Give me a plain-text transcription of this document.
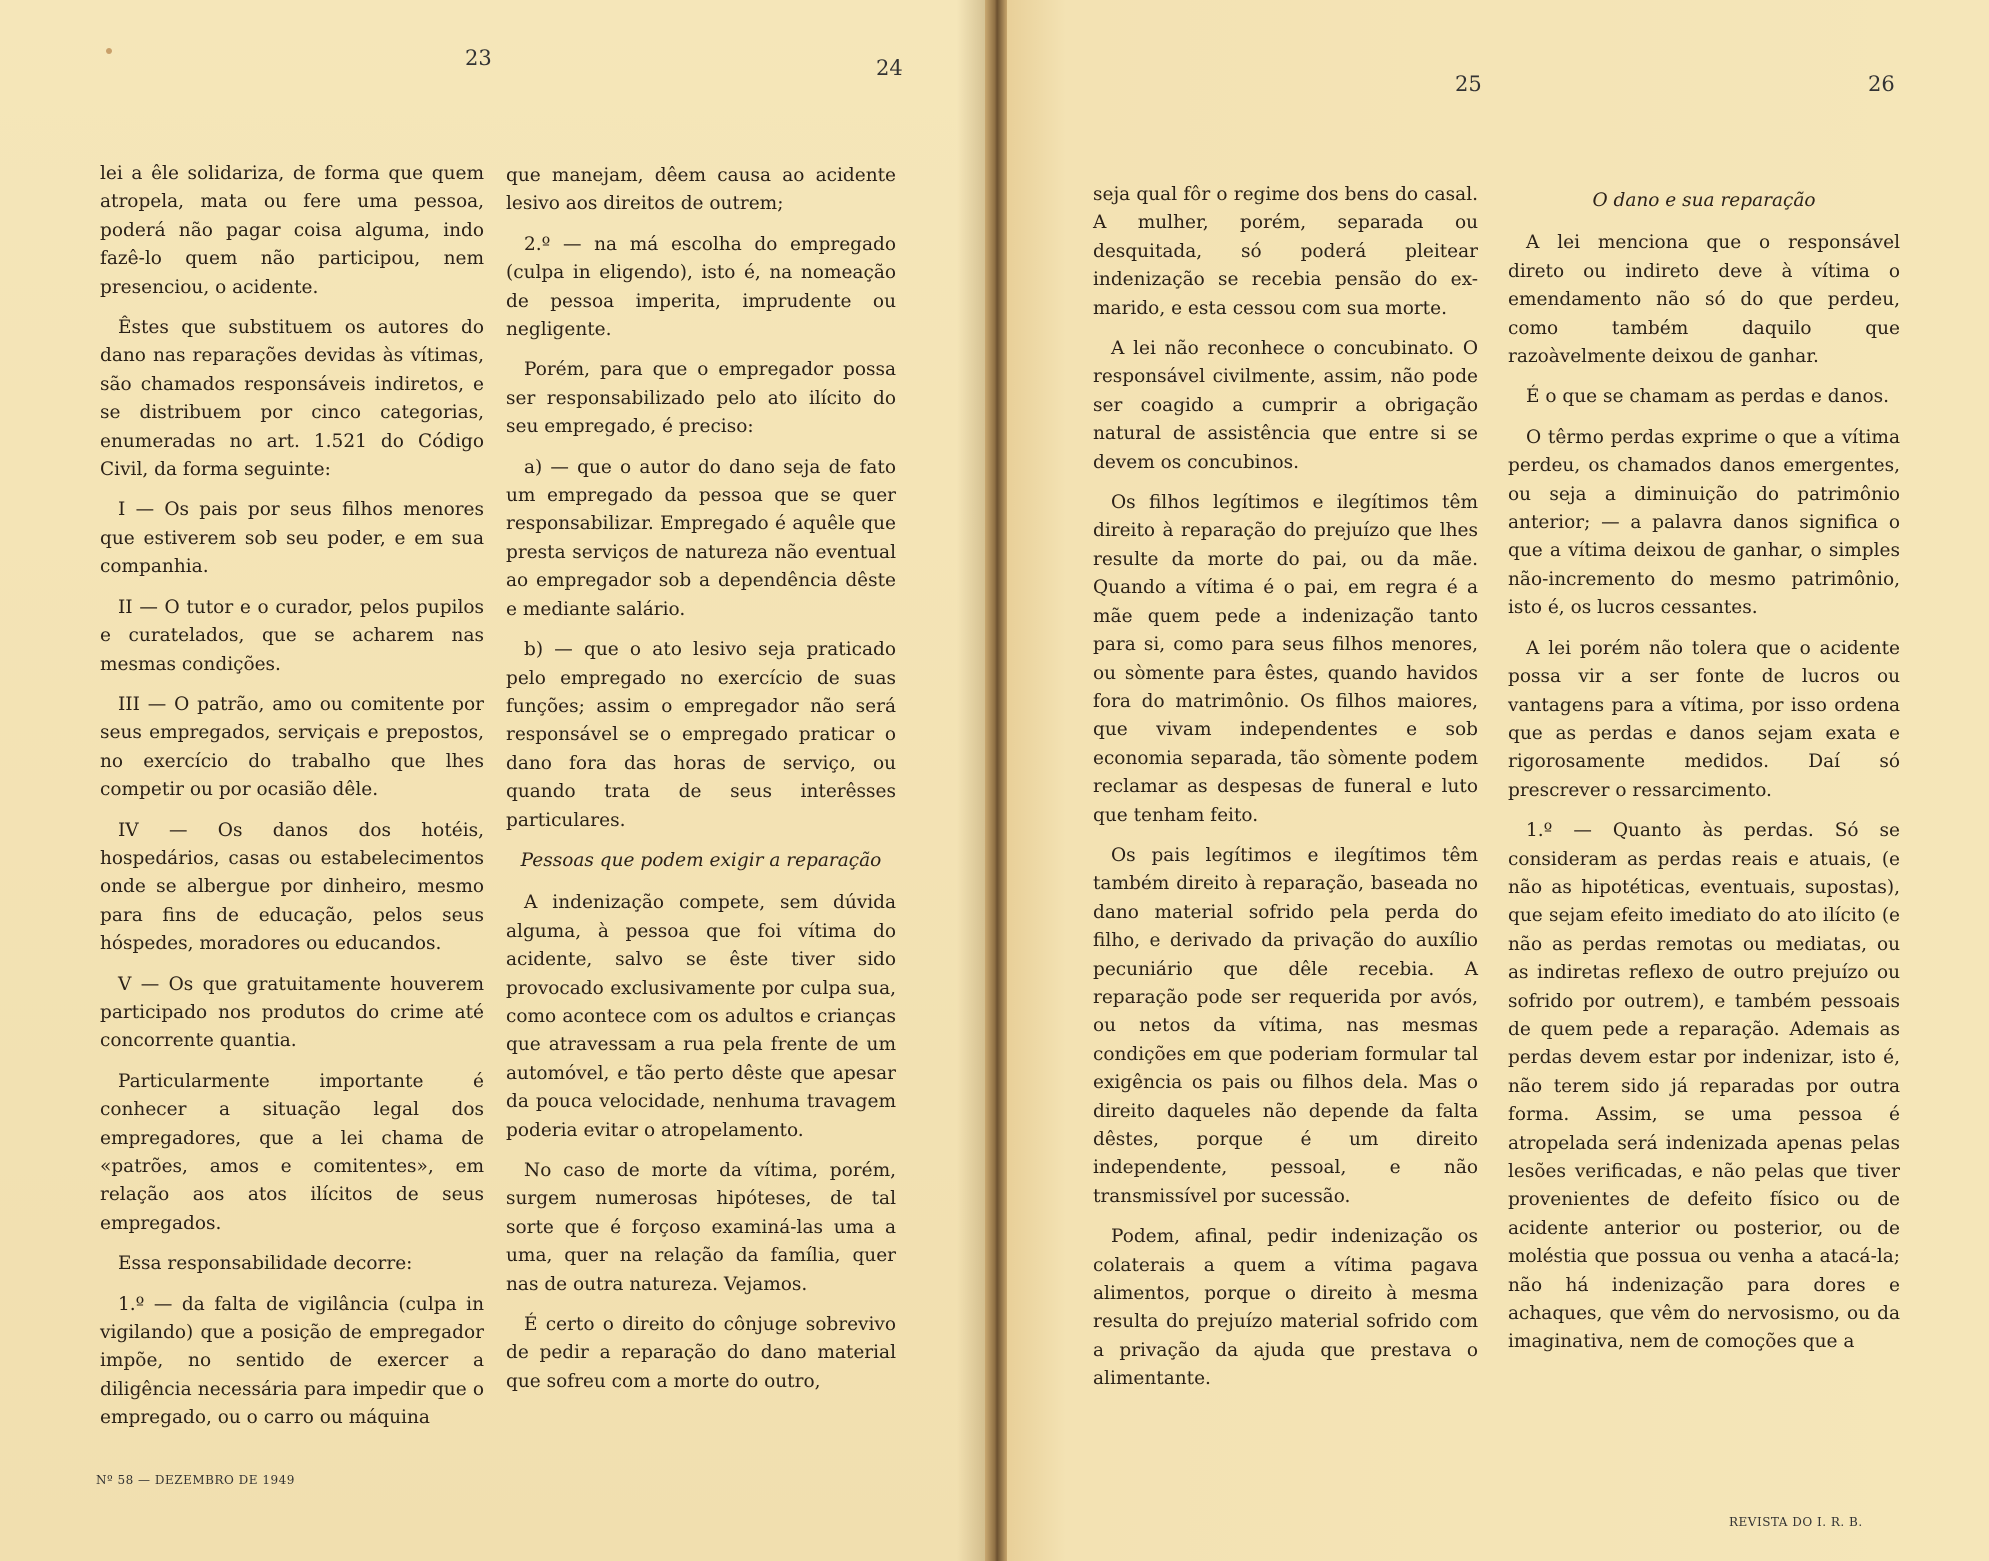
23	24

lei a êle solidariza, de forma que quem atropela, mata ou fere uma pessoa, poderá não pagar coisa alguma, indo fazê-lo quem não participou, nem presenciou, o acidente.

Êstes que substituem os autores do dano nas reparações devidas às vítimas, são chamados responsáveis indiretos, e se distribuem por cinco categorias, enumeradas no art. 1.521 do Código Civil, da forma seguinte:

I — Os pais por seus filhos menores que estiverem sob seu poder, e em sua companhia.

II — O tutor e o curador, pelos pupilos e curatelados, que se acharem nas mesmas condições.

III — O patrão, amo ou comitente por seus empregados, serviçais e prepostos, no exercício do trabalho que lhes competir ou por ocasião dêle.

IV — Os danos dos hotéis, hospedários, casas ou estabelecimentos onde se albergue por dinheiro, mesmo para fins de educação, pelos seus hóspedes, moradores ou educandos.

V — Os que gratuitamente houverem participado nos produtos do crime até concorrente quantia.

Particularmente importante é conhecer a situação legal dos empregadores, que a lei chama de «patrões, amos e comitentes», em relação aos atos ilícitos de seus empregados.

Essa responsabilidade decorre:

1.º — da falta de vigilância (culpa in vigilando) que a posição de empregador impõe, no sentido de exercer a diligência necessária para impedir que o empregado, ou o carro ou máquina

que manejam, dêem causa ao acidente lesivo aos direitos de outrem;

2.º — na má escolha do empregado (culpa in eligendo), isto é, na nomeação de pessoa imperita, imprudente ou negligente.

Porém, para que o empregador possa ser responsabilizado pelo ato ilícito do seu empregado, é preciso:

a) — que o autor do dano seja de fato um empregado da pessoa que se quer responsabilizar. Empregado é aquêle que presta serviços de natureza não eventual ao empregador sob a dependência dêste e mediante salário.

b) — que o ato lesivo seja praticado pelo empregado no exercício de suas funções; assim o empregador não será responsável se o empregado praticar o dano fora das horas de serviço, ou quando trata de seus interêsses particulares.

Pessoas que podem exigir a reparação

A indenização compete, sem dúvida alguma, à pessoa que foi vítima do acidente, salvo se êste tiver sido provocado exclusivamente por culpa sua, como acontece com os adultos e crianças que atravessam a rua pela frente de um automóvel, e tão perto dêste que apesar da pouca velocidade, nenhuma travagem poderia evitar o atropelamento.

No caso de morte da vítima, porém, surgem numerosas hipóteses, de tal sorte que é forçoso examiná-las uma a uma, quer na relação da família, quer nas de outra natureza. Vejamos.

É certo o direito do cônjuge sobrevivo de pedir a reparação do dano material que sofreu com a morte do outro,

Nº 58 — DEZEMBRO DE 1949
25	26

seja qual fôr o regime dos bens do casal. A mulher, porém, separada ou desquitada, só poderá pleitear indenização se recebia pensão do ex-marido, e esta cessou com sua morte.

A lei não reconhece o concubinato. O responsável civilmente, assim, não pode ser coagido a cumprir a obrigação natural de assistência que entre si se devem os concubinos.

Os filhos legítimos e ilegítimos têm direito à reparação do prejuízo que lhes resulte da morte do pai, ou da mãe. Quando a vítima é o pai, em regra é a mãe quem pede a indenização tanto para si, como para seus filhos menores, ou sòmente para êstes, quando havidos fora do matrimônio. Os filhos maiores, que vivam independentes e sob economia separada, tão sòmente podem reclamar as despesas de funeral e luto que tenham feito.

Os pais legítimos e ilegítimos têm também direito à reparação, baseada no dano material sofrido pela perda do filho, e derivado da privação do auxílio pecuniário que dêle recebia. A reparação pode ser requerida por avós, ou netos da vítima, nas mesmas condições em que poderiam formular tal exigência os pais ou filhos dela. Mas o direito daqueles não depende da falta dêstes, porque é um direito independente, pessoal, e não transmissível por sucessão.

Podem, afinal, pedir indenização os colaterais a quem a vítima pagava alimentos, porque o direito à mesma resulta do prejuízo material sofrido com a privação da ajuda que prestava o alimentante.

O dano e sua reparação

A lei menciona que o responsável direto ou indireto deve à vítima o emendamento não só do que perdeu, como também daquilo que razoàvelmente deixou de ganhar.

É o que se chamam as perdas e danos.

O têrmo perdas exprime o que a vítima perdeu, os chamados danos emergentes, ou seja a diminuição do patrimônio anterior; — a palavra danos significa o que a vítima deixou de ganhar, o simples não-incremento do mesmo patrimônio, isto é, os lucros cessantes.

A lei porém não tolera que o acidente possa vir a ser fonte de lucros ou vantagens para a vítima, por isso ordena que as perdas e danos sejam exata e rigorosamente medidos. Daí só prescrever o ressarcimento.

1.º — Quanto às perdas. Só se consideram as perdas reais e atuais, (e não as hipotéticas, eventuais, supostas), que sejam efeito imediato do ato ilícito (e não as perdas remotas ou mediatas, ou as indiretas reflexo de outro prejuízo ou sofrido por outrem), e também pessoais de quem pede a reparação. Ademais as perdas devem estar por indenizar, isto é, não terem sido já reparadas por outra forma. Assim, se uma pessoa é atropelada será indenizada apenas pelas lesões verificadas, e não pelas que tiver provenientes de defeito físico ou de acidente anterior ou posterior, ou de moléstia que possua ou venha a atacá-la; não há indenização para dores e achaques, que vêm do nervosismo, ou da imaginativa, nem de comoções que a

REVISTA DO I. R. B.
